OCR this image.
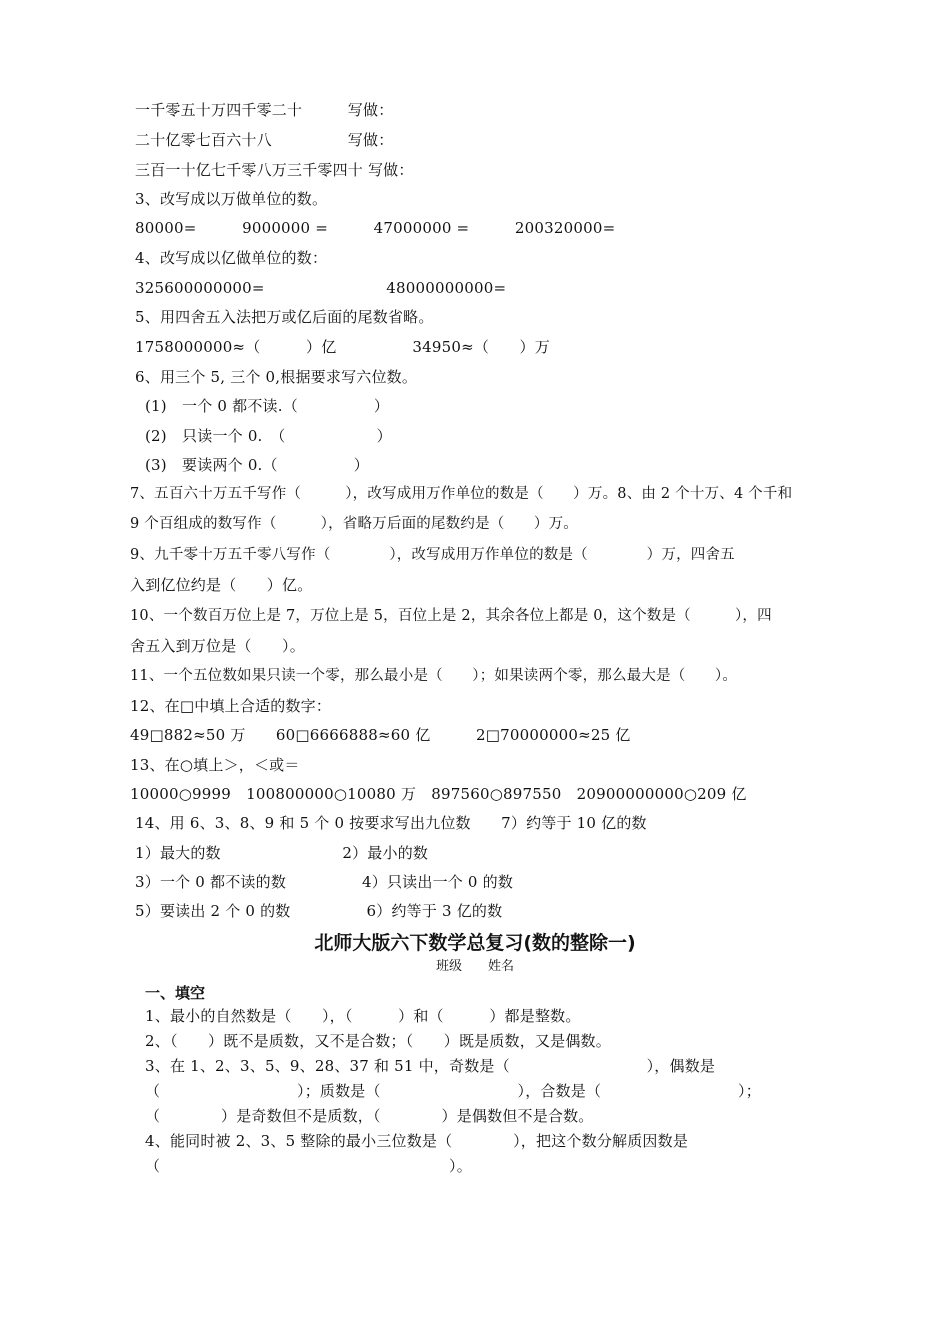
一千零五十万四千零二十　　　写做：
二十亿零七百六十八　　　　　写做：
三百一十亿七千零八万三千零四十 写做：
3、改写成以万做单位的数。
80000=　　　9000000 =　　　47000000 =　　　200320000=
4、改写成以亿做单位的数：
325600000000=　　　　　　　　48000000000=
5、用四舍五入法把万或亿后面的尾数省略。
1758000000≈（　　　）亿　　　　　34950≈（　　）万
6、用三个 5, 三个 0,根据要求写六位数。
(1)　一个 0 都不读.（　　　　　）
(2)　只读一个 0.　（　　　　　　）
(3)　要读两个 0.（　　　　　）
7、五百六十万五千写作（　　　），改写成用万作单位的数是（　　）万。8、由 2 个十万、4 个千和
9 个百组成的数写作（　　　），省略万后面的尾数约是（　　）万。
9、九千零十万五千零八写作（　　　　），改写成用万作单位的数是（　　　　）万，四舍五
入到亿位约是（　　）亿。
10、一个数百万位上是 7，万位上是 5，百位上是 2，其余各位上都是 0，这个数是（　　　），四
舍五入到万位是（　　）。
11、一个五位数如果只读一个零，那么最小是（　　）；如果读两个零，那么最大是（　　）。
12、在□中填上合适的数字：
49□882≈50 万　　60□6666888≈60 亿　　　2□70000000≈25 亿
13、在○填上＞，＜或＝
10000○9999　100800000○10080 万　897560○897550　20900000000○209 亿
14、用 6、3、8、9 和 5 个 0 按要求写出九位数　　7）约等于 10 亿的数
1）最大的数　　　　　　　　2）最小的数
3）一个 0 都不读的数　　　　　4）只读出一个 0 的数
5）要读出 2 个 0 的数　　　　　6）约等于 3 亿的数
北师大版六下数学总复习(数的整除一)
班级　　姓名
一、填空
1、最小的自然数是（　　），（　　　）和（　　　）都是整数。
2、（　　）既不是质数，又不是合数；（　　）既是质数，又是偶数。
3、在 1、2、3、5、9、28、37 和 51 中，奇数是（　　　　　　　　　），偶数是
（　　　　　　　　　）；质数是（　　　　　　　　　），合数是（　　　　　　　　　）；
（　　　　）是奇数但不是质数，（　　　　）是偶数但不是合数。
4、能同时被 2、3、5 整除的最小三位数是（　　　　），把这个数分解质因数是
（　　　　　　　　　　　　　　　　　　　）。
